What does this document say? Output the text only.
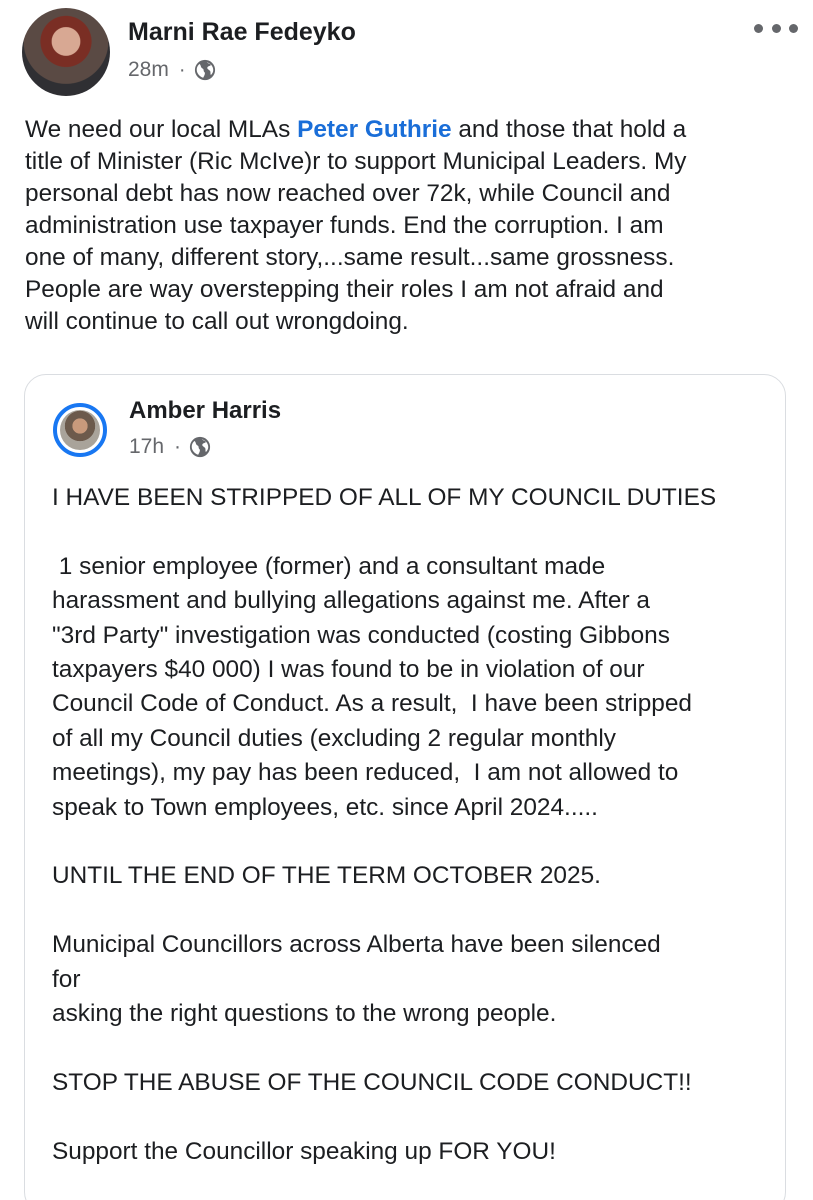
Marni Rae Fedeyko
28m ·

We need our local MLAs Peter Guthrie and those that hold a

title of Minister (Ric McIve)r to support Municipal Leaders. My

personal debt has now reached over 72k, while Council and

administration use taxpayer funds. End the corruption. I am

one of many, different story,...same result...same grossness.

People are way overstepping their roles I am not afraid and

will continue to call out wrongdoing.

Amber Harris
17h ·

I HAVE BEEN STRIPPED OF ALL OF MY COUNCIL DUTIES

1 senior employee (former) and a consultant made

harassment and bullying allegations against me. After a

"3rd Party" investigation was conducted (costing Gibbons

taxpayers $40 000) I was found to be in violation of our

Council Code of Conduct. As a result,  I have been stripped

of all my Council duties (excluding 2 regular monthly

meetings), my pay has been reduced,  I am not allowed to

speak to Town employees, etc. since April 2024.....

UNTIL THE END OF THE TERM OCTOBER 2025.

Municipal Councillors across Alberta have been silenced

for

asking the right questions to the wrong people.

STOP THE ABUSE OF THE COUNCIL CODE CONDUCT!!

Support the Councillor speaking up FOR YOU!
